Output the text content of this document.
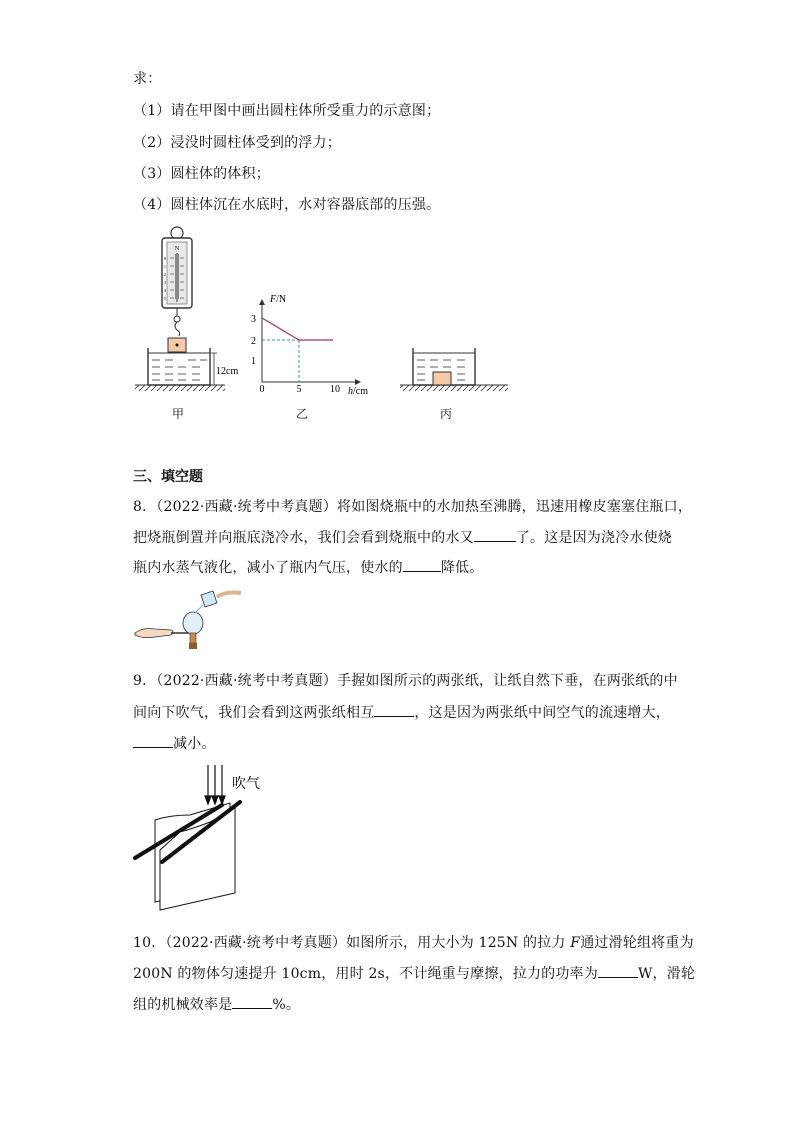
求：
（1）请在甲图中画出圆柱体所受重力的示意图；
（2）浸没时圆柱体受到的浮力；
（3）圆柱体的体积；
（4）圆柱体沉在水底时，水对容器底部的压强。
N
0
1
2
3
4
5
12cm
F/N
3
2
1
0	5	10 h/cm
甲	乙	丙
三、填空题
8．（2022·西藏·统考中考真题）将如图烧瓶中的水加热至沸腾，迅速用橡皮塞塞住瓶口，
把烧瓶倒置并向瓶底浇冷水，我们会看到烧瓶中的水又	了。这是因为浇冷水使烧
瓶内水蒸气液化，减小了瓶内气压，使水的	降低。
9．（2022·西藏·统考中考真题）手握如图所示的两张纸，让纸自然下垂，在两张纸的中
间向下吹气，我们会看到这两张纸相互	，这是因为两张纸中间空气的流速增大，
减小。
吹气
10．（2022·西藏·统考中考真题）如图所示，用大小为 125N 的拉力 F通过滑轮组将重为
200N 的物体匀速提升 10cm，用时 2s，不计绳重与摩擦，拉力的功率为	W，滑轮
组的机械效率是	%。
